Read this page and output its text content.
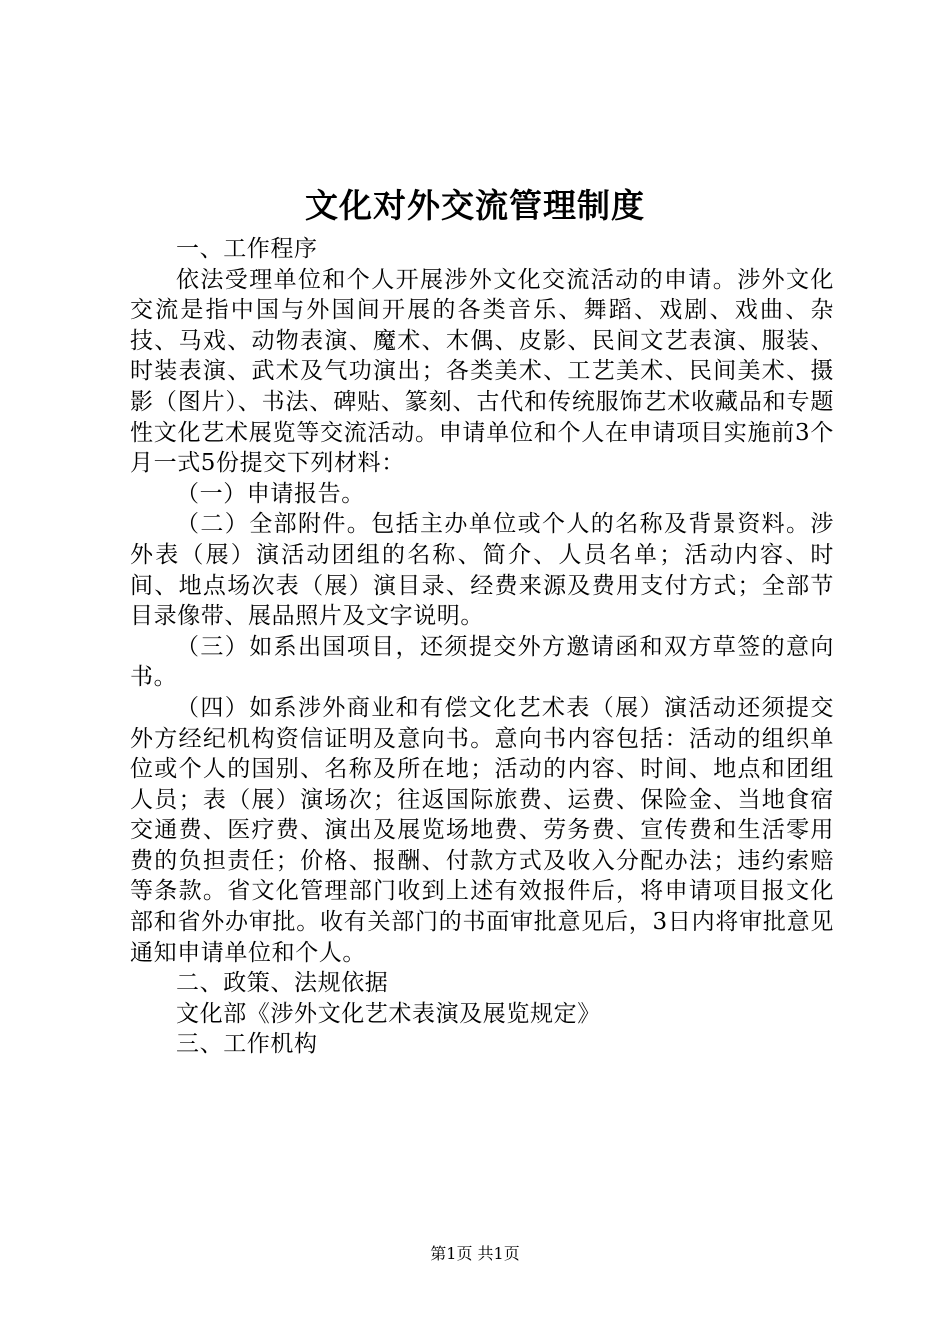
文化对外交流管理制度

一、工作程序

依法受理单位和个人开展涉外文化交流活动的申请。涉外文化交流是指中国与外国间开展的各类音乐、舞蹈、戏剧、戏曲、杂技、马戏、动物表演、魔术、木偶、皮影、民间文艺表演、服装、时装表演、武术及气功演出；各类美术、工艺美术、民间美术、摄影（图片）、书法、碑贴、篆刻、古代和传统服饰艺术收藏品和专题性文化艺术展览等交流活动。申请单位和个人在申请项目实施前3个月一式5份提交下列材料：

（一）申请报告。

（二）全部附件。包括主办单位或个人的名称及背景资料。涉外表（展）演活动团组的名称、简介、人员名单；活动内容、时间、地点场次表（展）演目录、经费来源及费用支付方式；全部节目录像带、展品照片及文字说明。

（三）如系出国项目，还须提交外方邀请函和双方草签的意向书。

（四）如系涉外商业和有偿文化艺术表（展）演活动还须提交外方经纪机构资信证明及意向书。意向书内容包括：活动的组织单位或个人的国别、名称及所在地；活动的内容、时间、地点和团组人员；表（展）演场次；往返国际旅费、运费、保险金、当地食宿交通费、医疗费、演出及展览场地费、劳务费、宣传费和生活零用费的负担责任；价格、报酬、付款方式及收入分配办法；违约索赔等条款。省文化管理部门收到上述有效报件后，将申请项目报文化部和省外办审批。收有关部门的书面审批意见后，3日内将审批意见通知申请单位和个人。

二、政策、法规依据

文化部《涉外文化艺术表演及展览规定》

三、工作机构

第1页 共1页
